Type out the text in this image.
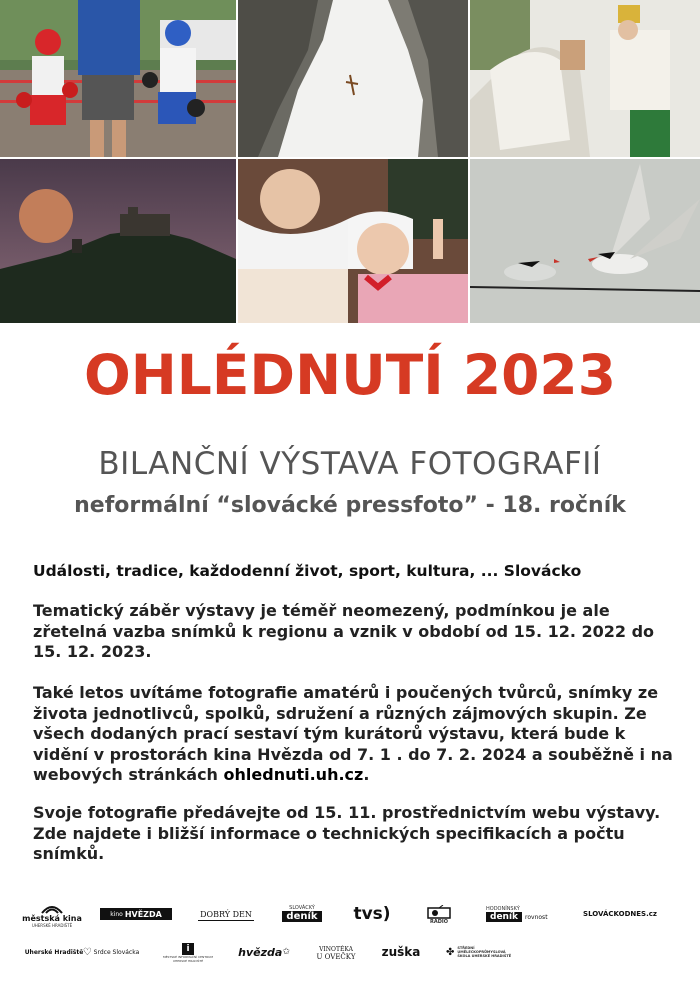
OHLÉDNUTÍ 2023
BILANČNÍ VÝSTAVA FOTOGRAFIÍ
neformální “slovácké pressfoto” - 18. ročník
Události, tradice, každodenní život, sport, kultura, ... Slovácko

Tematický záběr výstavy je téměř neomezený, podmínkou je ale zřetelná vazba snímků k regionu a vznik v období od 15. 12. 2022 do 15. 12. 2023.

Také letos uvítáme fotografie amatérů i poučených tvůrců, snímky ze života jednotlivců, spolků, sdružení a různých zájmových skupin. Ze všech dodaných prací sestaví tým kurátorů výstavu, která bude k vidění v prostorách kina Hvězda od 7. 1 . do 7. 2. 2024 a souběžně i na webových stránkách ohlednuti.uh.cz.

Svoje fotografie předávejte od 15. 11. prostřednictvím webu výstavy. Zde najdete i bližší informace o technických specifikacích a počtu snímků.

městská kina
UHERSKÉ HRADIŠTĚ
kino HVĚZDA	DOBRÝ DEN
SLOVÁCKÝ
deník tvs)	RÁDIO
HODONÍNSKÝ
deník	rovnost	SLOVÁCKODNES.cz
Uherské Hradiště ♡ Srdce Slovácka	i
MĚSTSKÉ INFORMAČNÍ CENTRUM UHERSKÉ HRADIŠTĚ
hvězda ✩	VINOTÉKA
U OVEČKY zuška	✤ STŘEDNÍ UMĚLECKOPRŮMYSLOVÁ ŠKOLA UHERSKÉ HRADIŠTĚ
